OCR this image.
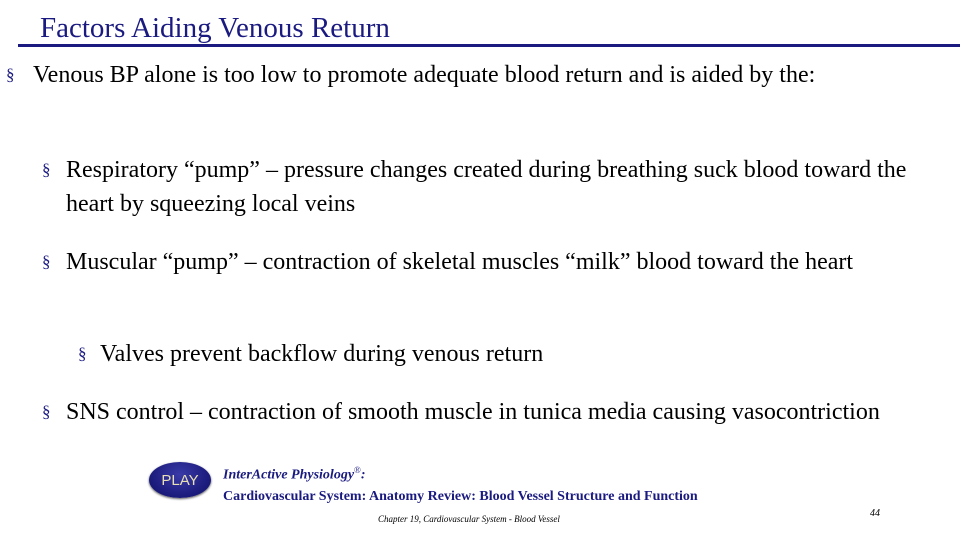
Factors Aiding Venous Return
§ Venous BP alone is too low to promote adequate blood return and is aided by the:
§ Respiratory “pump” – pressure changes created during breathing suck blood toward the heart by squeezing local veins
§ Muscular “pump” – contraction of skeletal muscles “milk” blood toward the heart
§ Valves prevent backflow during venous return
§ SNS control – contraction of smooth muscle in tunica media causing vasocontriction
PLAY	InterActive Physiology®:
Cardiovascular System: Anatomy Review: Blood Vessel Structure and Function
Chapter 19, Cardiovascular System - Blood Vessel	44
